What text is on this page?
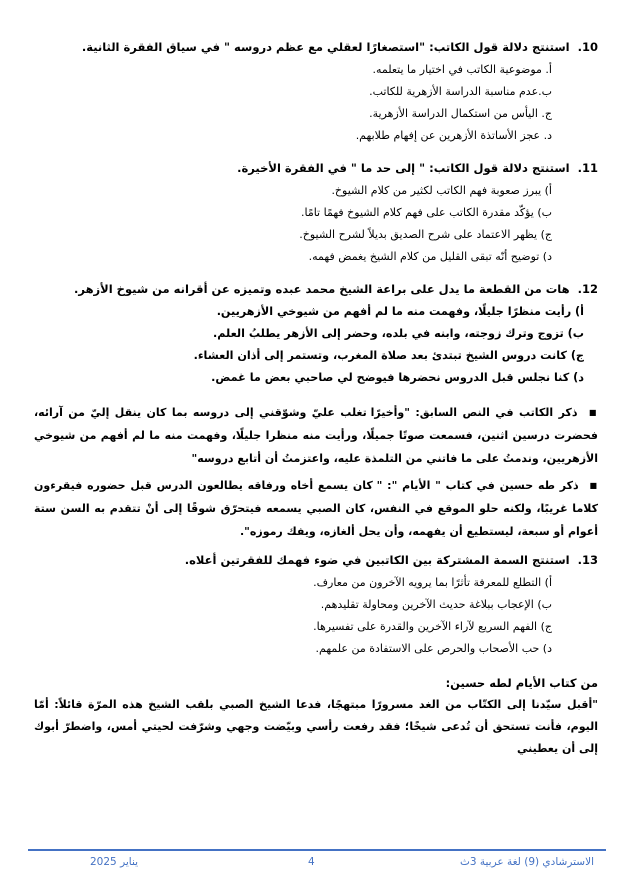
10. استنتج دلالة قول الكاتب: "استصغارًا لعقلي مع عظم دروسه " في سياق الفقرة الثانية.
أ. موضوعية الكاتب في اختيار ما يتعلمه.
ب.عدم مناسبة الدراسة الأزهرية للكاتب.
ج. اليأس من استكمال الدراسة الأزهرية.
د. عجز الأساتذة الأزهرين عن إفهام طلابهم.
11. استنتج دلالة قول الكاتب: " إلى حد ما " في الفقرة الأخيرة.
أ) يبرز صعوبة فهم الكاتب لكثير من كلام الشيوخ.
ب) يؤكّد مقدرة الكاتب على فهم كلام الشيوخ فهمًا تامًا.
ج) يظهر الاعتماد على شرح الصديق بديلاً لشرح الشيوخ.
د) توضيح أنّه تبقى القليل من كلام الشيخ يغمض فهمه.
12. هات من القطعة ما يدل على براعة الشيخ محمد عبده وتميزه عن أقرانه من شيوخ الأزهر.
أ) رأيت منظرًا جليلًا، وفهمت منه ما لم أفهم من شيوخي الأزهريين.
ب) تزوج وترك زوجته، وابنه في بلده، وحضر إلى الأزهر يطلبُ العلم.
ج) كانت دروس الشيخ تبتدئ بعد صلاة المغرب، وتستمر إلى أذان العشاء.
د) كنا نجلس قبل الدروس نحضرها فيوضح لي صاحبي بعض ما غمض.

■ ذكر الكاتب في النص السابق: "وأخيرًا تغلب عليّ وشوّقني إلى دروسه بما كان ينقل إليّ من آرائه، فحضرت درسين اثنين، فسمعت صوتًا جميلًا، ورأيت منه منظرا جليلًا، وفهمت منه ما لم أفهم من شيوخي الأزهريين، وندمتُ على ما فاتني من التلمذة عليه، واعتزمتُ أن أتابع دروسه"

■ ذكر طه حسين في كتاب " الأيام ": " كان يسمع أخاه ورفاقه يطالعون الدرس قبل حضوره فيقرءون كلاما غريبًا، ولكنه حلو الموقع في النفس، كان الصبي يسمعه فيتحرّق شوقًا إلى أنْ تتقدم به السن ستة أعوام أو سبعة، ليستطيع أن يفهمه، وأن يحل ألغازه، ويفك رموزه".

13. استنتج السمة المشتركة بين الكاتبين في ضوء فهمك للفقرتين أعلاه.
أ) التطلع للمعرفة تأثرًا بما يرويه الآخرون من معارف.
ب) الإعجاب ببلاغة حديث الآخرين ومحاولة تقليدهم.
ج) الفهم السريع لآراء الآخرين والقدرة على تفسيرها.
د) حب الأصحاب والحرص على الاستفادة من علمهم.
من كتاب الأيام لطه حسين:
"أقبل سيّدنا إلى الكتّاب من الغد مسرورًا مبتهجًا، فدعا الشيخ الصبي بلقب الشيخ هذه المرّة قائلاً: أمّا اليوم، فأنت تستحق أن تُدعى شيخًا؛ فقد رفعت رأسي وبيّضت وجهي وشرّفت لحيتي أمس، واضطرّ أبوك إلى أن يعطيني
يناير 2025	4	الاسترشادي (9) لغة عربية 3ث
